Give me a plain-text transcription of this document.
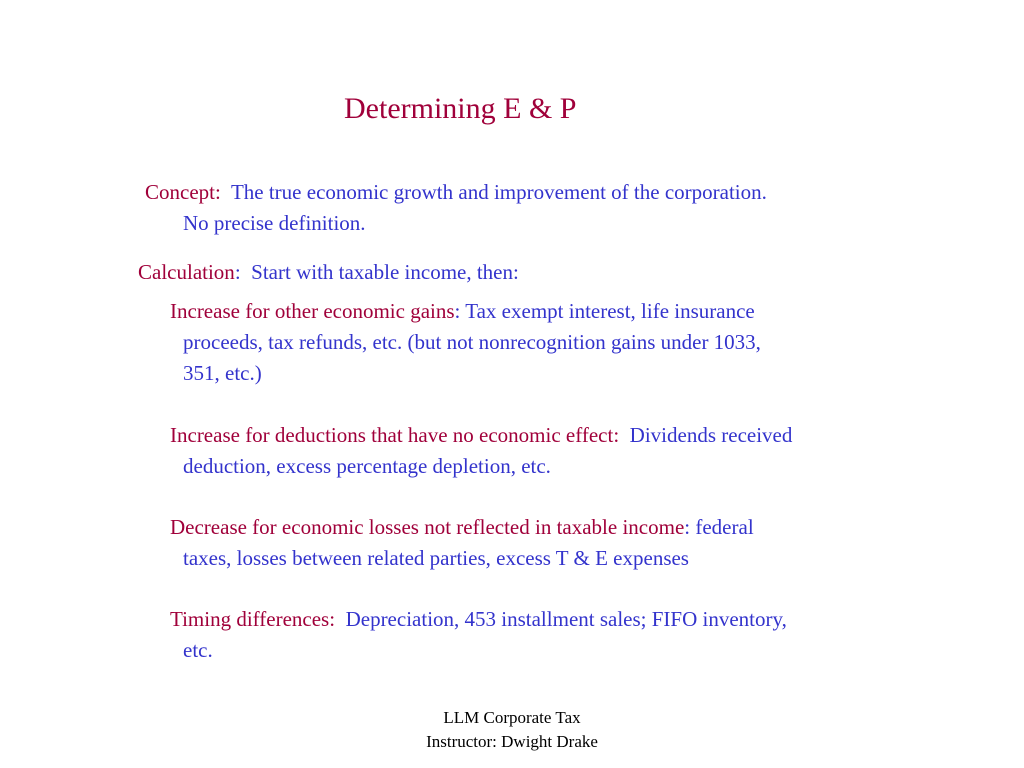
Determining E & P
Concept: The true economic growth and improvement of the corporation.
No precise definition.
Calculation: Start with taxable income, then:
Increase for other economic gains: Tax exempt interest, life insurance
proceeds, tax refunds, etc. (but not nonrecognition gains under 1033,
351, etc.)
Increase for deductions that have no economic effect: Dividends received
deduction, excess percentage depletion, etc.
Decrease for economic losses not reflected in taxable income: federal
taxes, losses between related parties, excess T & E expenses
Timing differences: Depreciation, 453 installment sales; FIFO inventory,
etc.
LLM Corporate Tax
Instructor: Dwight Drake
